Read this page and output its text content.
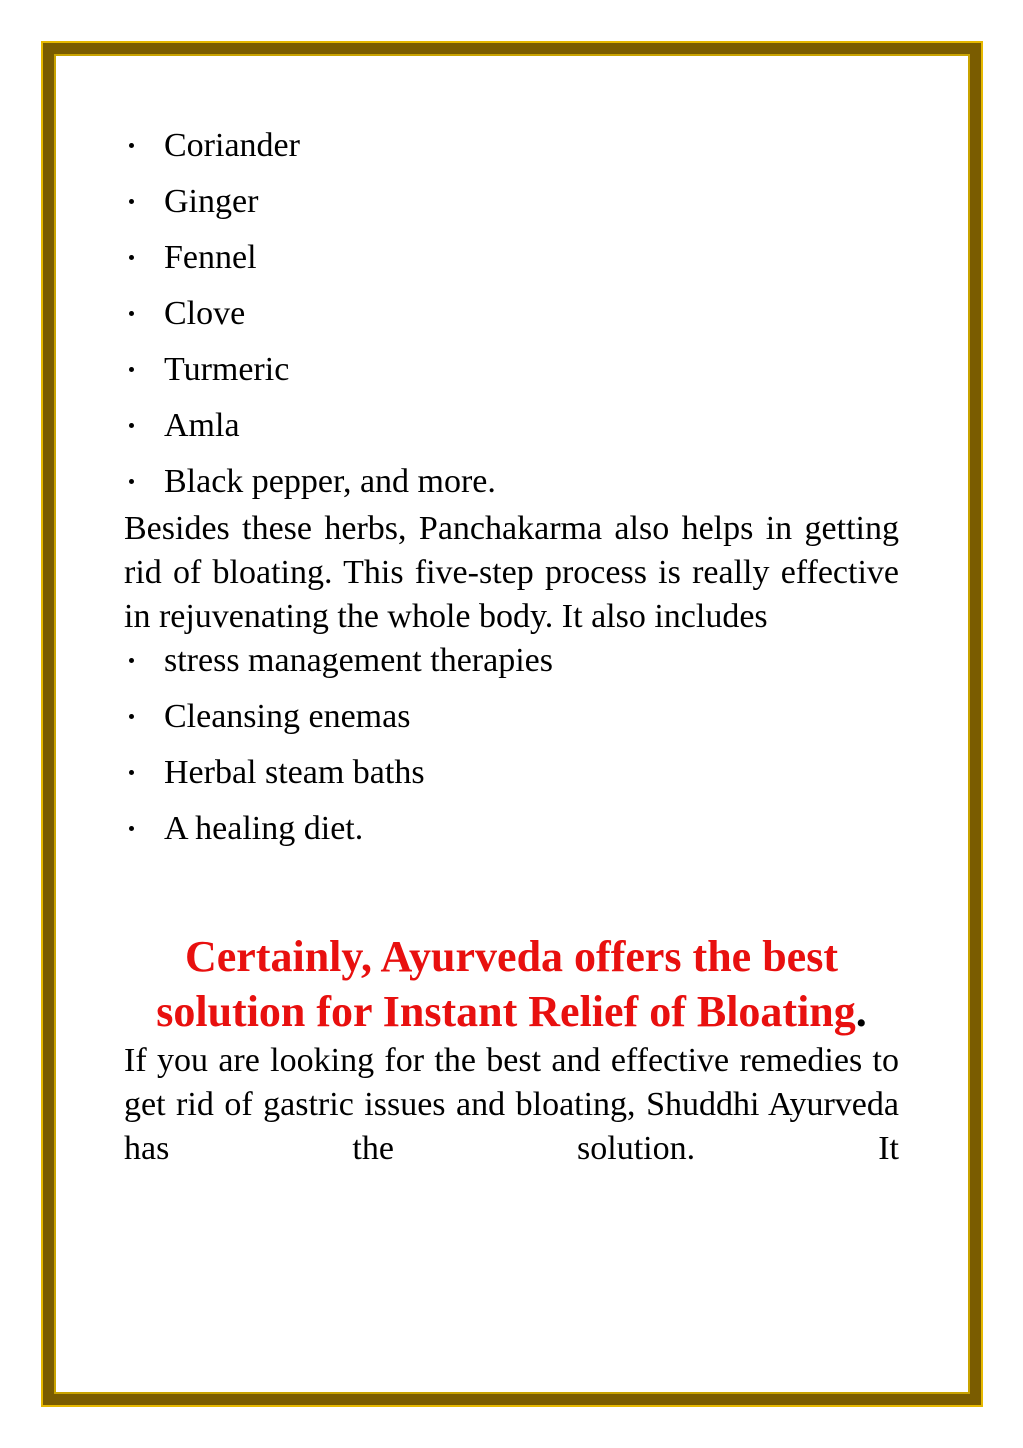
Coriander
Ginger
Fennel
Clove
Turmeric
Amla
Black pepper, and more.

Besides these herbs, Panchakarma also helps in getting rid of bloating. This five-step process is really effective in rejuvenating the whole body. It also includes

stress management therapies
Cleansing enemas
Herbal steam baths
A healing diet.
Certainly, Ayurveda offers the best solution for Instant Relief of Bloating.

If you are looking for the best and effective remedies to get rid of gastric issues and bloating, Shuddhi Ayurveda has the solution. It
